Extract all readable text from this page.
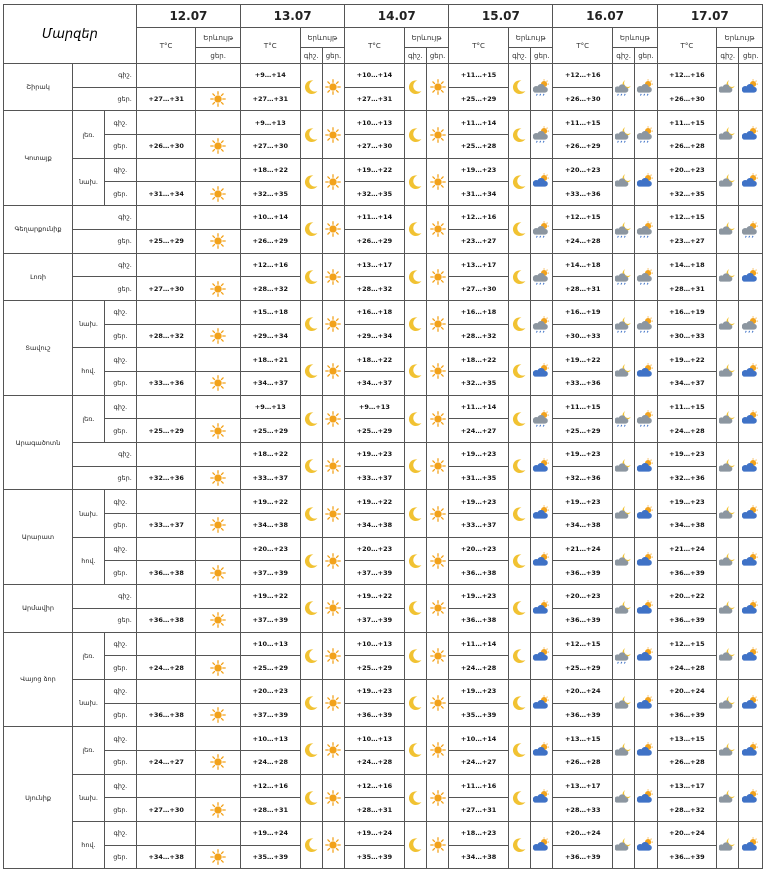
Մարզեր			12.07		13.07			14.07			15.07			16.07			17.07		
			T°C	Երևույթ	T°C	Երևույթ		T°C	Երևույթ		T°C	Երևույթ		T°C	Երևույթ		T°C	Երևույթ	
				ցեր.		գիշ.	ցեր.		գիշ.	ցեր.		գիշ.	ցեր.		գիշ.	ցեր.		գիշ.	ցեր.
Շիրակ	գիշ.				+9…+14			+10…+14			+11…+15			+12…+16			+12…+16	

	ցեր.		+27…+31		+27…+31			+27…+31			+25…+29			+26…+30			+26…+30		
Կոտայք	լեռ.	գիշ.			+9…+13			+10…+13			+11…+14			+11…+15			+11…+15	

		ցեր.	+26…+30		+27…+30			+27…+30			+25…+28			+26…+29			+26…+28		
	նախ.	գիշ.			+18…+22			+19…+22			+19…+23			+20…+23			+20…+23	

		ցեր.	+31…+34		+32…+35			+32…+35			+31…+34			+33…+36			+32…+35		
Գեղարքունիք	գիշ.				+10…+14			+11…+14			+12…+16			+12…+15			+12…+15	

	ցեր.		+25…+29		+26…+29			+26…+29			+23…+27			+24…+28			+23…+27		
Լոռի	գիշ.				+12…+16			+13…+17			+13…+17			+14…+18			+14…+18	

	ցեր.		+27…+30		+28…+32			+28…+32			+27…+30			+28…+31			+28…+31		
Տավուշ	նախ.	գիշ.			+15…+18			+16…+18			+16…+18			+16…+19			+16…+19	

		ցեր.	+28…+32		+29…+34			+29…+34			+28…+32			+30…+33			+30…+33		
	հով.	գիշ.			+18…+21			+18…+22			+18…+22			+19…+22			+19…+22	

		ցեր.	+33…+36		+34…+37			+34…+37			+32…+35			+33…+36			+34…+37		
Արագածոտն	լեռ.	գիշ.			+9…+13			+9…+13			+11…+14			+11…+15			+11…+15	

		ցեր.	+25…+29		+25…+29			+25…+29			+24…+27			+25…+29			+24…+28		
	գիշ.				+18…+22			+19…+23			+19…+23			+19…+23			+19…+23	

	ցեր.		+32…+36		+33…+37			+33…+37			+31…+35			+32…+36			+32…+36		
Արարատ	նախ.	գիշ.			+19…+22			+19…+22			+19…+23			+19…+23			+19…+23	

		ցեր.	+33…+37		+34…+38			+34…+38			+33…+37			+34…+38			+34…+38		
	հով.	գիշ.			+20…+23			+20…+23			+20…+23			+21…+24			+21…+24	

		ցեր.	+36…+38		+37…+39			+37…+39			+36…+38			+36…+39			+36…+39		
Արմավիր	գիշ.				+19…+22			+19…+22			+19…+23			+20…+23			+20…+22	

	ցեր.		+36…+38		+37…+39			+37…+39			+36…+38			+36…+39			+36…+39		
Վայոց ձոր	լեռ.	գիշ.			+10…+13			+10…+13			+11…+14			+12…+15			+12…+15	

		ցեր.	+24…+28		+25…+29			+25…+29			+24…+28			+25…+29			+24…+28		
	նախ.	գիշ.			+20…+23			+19…+23			+19…+23			+20…+24			+20…+24	

		ցեր.	+36…+38		+37…+39			+36…+39			+35…+39			+36…+39			+36…+39		
Սյունիք	լեռ.	գիշ.			+10…+13			+10…+13			+10…+14			+13…+15			+13…+15	

		ցեր.	+24…+27		+24…+28			+24…+28			+24…+27			+26…+28			+26…+28		
	նախ.	գիշ.			+12…+16			+12…+16			+11…+16			+13…+17			+13…+17	

		ցեր.	+27…+30		+28…+31			+28…+31			+27…+31			+28…+33			+28…+32		
	հով.	գիշ.			+19…+24			+19…+24			+18…+23			+20…+24			+20…+24	

		ցեր.	+34…+38		+35…+39			+35…+39			+34…+38			+36…+39			+36…+39		
